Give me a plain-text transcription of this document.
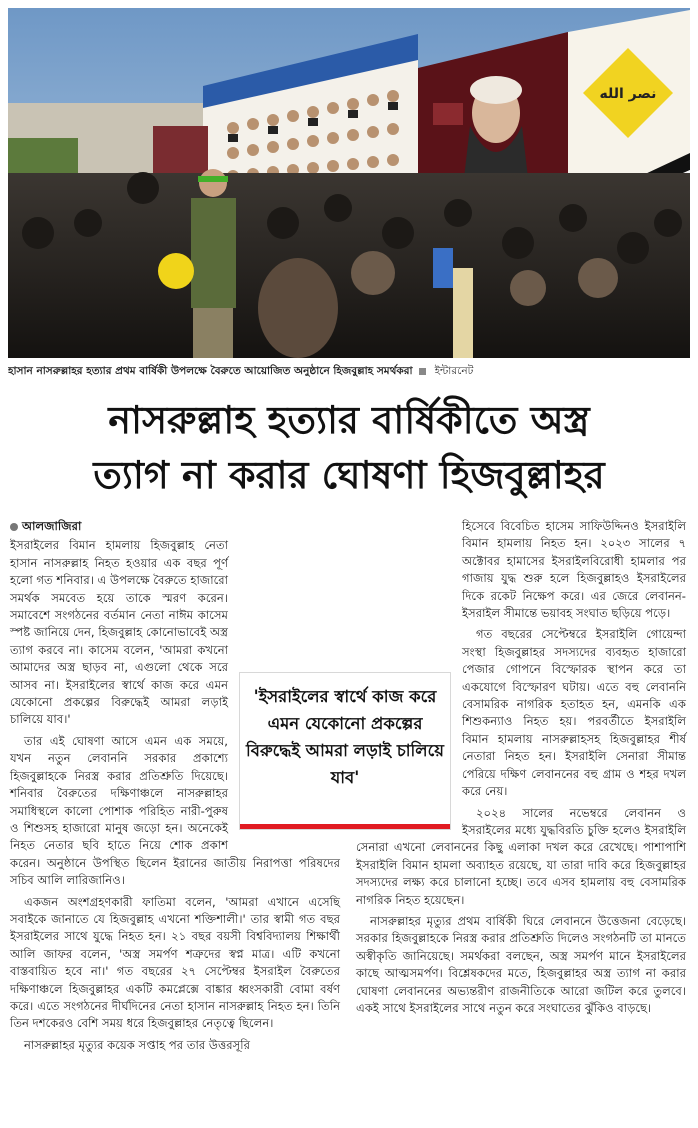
نصر الله
হাসান নাসরুল্লাহর হত্যার প্রথম বার্ষিকী উপলক্ষে বৈরুতে আয়োজিত অনুষ্ঠানে হিজবুল্লাহ সমর্থকরা ইন্টারনেট
নাসরুল্লাহ হত্যার বার্ষিকীতে অস্ত্র
ত্যাগ না করার ঘোষণা হিজবুল্লাহর
আলজাজিরা

ইসরাইলের বিমান হামলায় হিজবুল্লাহ নেতা হাসান নাসরুল্লাহ নিহত হওয়ার এক বছর পূর্ণ হলো গত শনিবার। এ উপলক্ষে বৈরুতে হাজারো সমর্থক সমবেত হয়ে তাকে স্মরণ করেন। সমাবেশে সংগঠনের বর্তমান নেতা নাঈম কাসেম স্পষ্ট জানিয়ে দেন, হিজবুল্লাহ কোনোভাবেই অস্ত্র ত্যাগ করবে না। কাসেম বলেন, 'আমরা কখনো আমাদের অস্ত্র ছাড়ব না, এগুলো থেকে সরে আসব না। ইসরাইলের স্বার্থে কাজ করে এমন যেকোনো প্রকল্পের বিরুদ্ধেই আমরা লড়াই চালিয়ে যাব।'

তার এই ঘোষণা আসে এমন এক সময়ে, যখন নতুন লেবাননি সরকার প্রকাশ্যে হিজবুল্লাহকে নিরস্ত্র করার প্রতিশ্রুতি দিয়েছে। শনিবার বৈরুতের দক্ষিণাঞ্চলে নাসরুল্লাহর সমাধিস্থলে কালো পোশাক পরিহিত নারী-পুরুষ ও শিশুসহ হাজারো মানুষ জড়ো হন। অনেকেই নিহত নেতার ছবি হাতে নিয়ে শোক প্রকাশ করেন। অনুষ্ঠানে উপস্থিত ছিলেন ইরানের জাতীয় নিরাপত্তা পরিষদের সচিব আলি লারিজানিও।

একজন অংশগ্রহণকারী ফাতিমা বলেন, 'আমরা এখানে এসেছি সবাইকে জানাতে যে হিজবুল্লাহ এখনো শক্তিশালী।' তার স্বামী গত বছর ইসরাইলের সাথে যুদ্ধে নিহত হন। ২১ বছর বয়সী বিশ্ববিদ্যালয় শিক্ষার্থী আলি জাফর বলেন, 'অস্ত্র সমর্পণ শত্রুদের স্বপ্ন মাত্র। এটি কখনো বাস্তবায়িত হবে না।' গত বছরের ২৭ সেপ্টেম্বর ইসরাইল বৈরুতের দক্ষিণাঞ্চলে হিজবুল্লাহর একটি কমপ্লেক্সে বাঙ্কার ধ্বংসকারী বোমা বর্ষণ করে। এতে সংগঠনের দীর্ঘদিনের নেতা হাসান নাসরুল্লাহ নিহত হন। তিনি তিন দশকেরও বেশি সময় ধরে হিজবুল্লাহর নেতৃত্বে ছিলেন।

নাসরুল্লাহর মৃত্যুর কয়েক সপ্তাহ পর তার উত্তরসূরি

হিসেবে বিবেচিত হাসেম সাফিউদ্দিনও ইসরাইলি বিমান হামলায় নিহত হন। ২০২৩ সালের ৭ অক্টোবর হামাসের ইসরাইলবিরোধী হামলার পর গাজায় যুদ্ধ শুরু হলে হিজবুল্লাহও ইসরাইলের দিকে রকেট নিক্ষেপ করে। এর জেরে লেবানন-ইসরাইল সীমান্তে ভয়াবহ সংঘাত ছড়িয়ে পড়ে।

গত বছরের সেপ্টেম্বরে ইসরাইলি গোয়েন্দা সংস্থা হিজবুল্লাহর সদস্যদের ব্যবহৃত হাজারো পেজার গোপনে বিস্ফোরক স্থাপন করে তা একযোগে বিস্ফোরণ ঘটায়। এতে বহু লেবাননি বেসামরিক নাগরিক হতাহত হন, এমনকি এক শিশুকন্যাও নিহত হয়। পরবর্তীতে ইসরাইলি বিমান হামলায় নাসরুল্লাহসহ হিজবুল্লাহর শীর্ষ নেতারা নিহত হন। ইসরাইলি সেনারা সীমান্ত পেরিয়ে দক্ষিণ লেবাননের বহু গ্রাম ও শহর দখল করে নেয়।

২০২৪ সালের নভেম্বরে লেবানন ও ইসরাইলের মধ্যে যুদ্ধবিরতি চুক্তি হলেও ইসরাইলি সেনারা এখনো লেবাননের কিছু এলাকা দখল করে রেখেছে। পাশাপাশি ইসরাইলি বিমান হামলা অব্যাহত রয়েছে, যা তারা দাবি করে হিজবুল্লাহর সদস্যদের লক্ষ্য করে চালানো হচ্ছে। তবে এসব হামলায় বহু বেসামরিক নাগরিক নিহত হয়েছেন।

নাসরুল্লাহর মৃত্যুর প্রথম বার্ষিকী ঘিরে লেবাননে উত্তেজনা বেড়েছে। সরকার হিজবুল্লাহকে নিরস্ত্র করার প্রতিশ্রুতি দিলেও সংগঠনটি তা মানতে অস্বীকৃতি জানিয়েছে। সমর্থকরা বলছেন, অস্ত্র সমর্পণ মানে ইসরাইলের কাছে আত্মসমর্পণ। বিশ্লেষকদের মতে, হিজবুল্লাহর অস্ত্র ত্যাগ না করার ঘোষণা লেবাননের অভ্যন্তরীণ রাজনীতিকে আরো জটিল করে তুলবে। একই সাথে ইসরাইলের সাথে নতুন করে সংঘাতের ঝুঁকিও বাড়ছে।

'ইসরাইলের স্বার্থে কাজ করে এমন যেকোনো প্রকল্পের বিরুদ্ধেই আমরা লড়াই চালিয়ে যাব'
